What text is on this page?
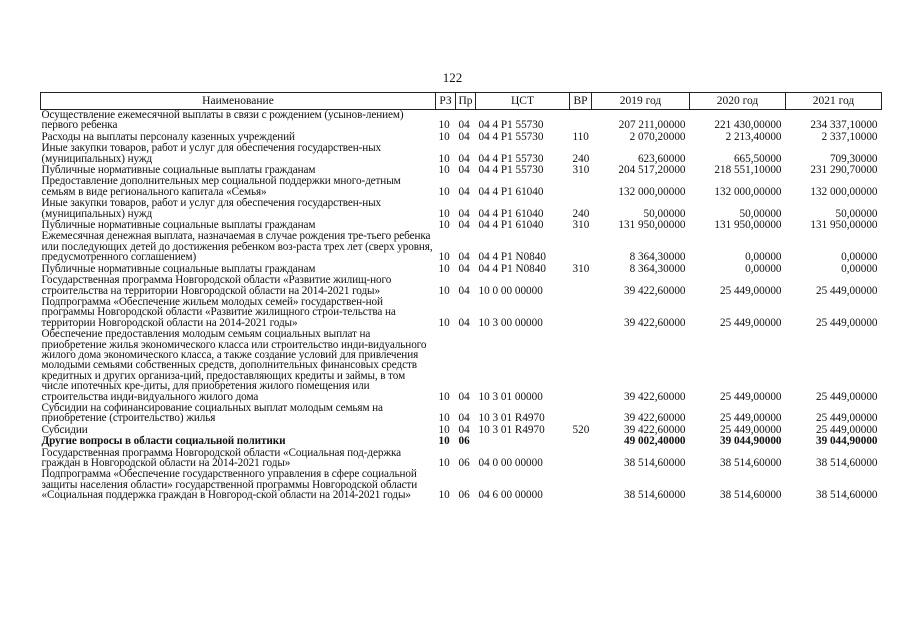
122
Наименование	РЗ	Пр	ЦСТ	ВР	2019 год	2020 год	2021 год
Осуществление ежемесячной выплаты в связи с рождением (усынов-лением) первого ребенка	10	04	04 4 P1 55730		207 211,00000	221 430,00000	234 337,10000
Расходы на выплаты персоналу казенных учреждений	10	04	04 4 P1 55730	110	2 070,20000	2 213,40000	2 337,10000
Иные закупки товаров, работ и услуг для обеспечения государствен-ных (муниципальных) нужд	10	04	04 4 P1 55730	240	623,60000	665,50000	709,30000
Публичные нормативные социальные выплаты гражданам	10	04	04 4 P1 55730	310	204 517,20000	218 551,10000	231 290,70000
Предоставление дополнительных мер социальной поддержки много-детным семьям в виде регионального капитала «Семья»	10	04	04 4 P1 61040		132 000,00000	132 000,00000	132 000,00000
Иные закупки товаров, работ и услуг для обеспечения государствен-ных (муниципальных) нужд	10	04	04 4 P1 61040	240	50,00000	50,00000	50,00000
Публичные нормативные социальные выплаты гражданам	10	04	04 4 P1 61040	310	131 950,00000	131 950,00000	131 950,00000
Ежемесячная денежная выплата, назначаемая в случае рождения тре-тьего ребенка или последующих детей до достижения ребенком воз-раста трех лет (сверх уровня, предусмотренного соглашением)	10	04	04 4 P1 N0840		8 364,30000	0,00000	0,00000
Публичные нормативные социальные выплаты гражданам	10	04	04 4 P1 N0840	310	8 364,30000	0,00000	0,00000
Государственная программа Новгородской области «Развитие жилищ-ного строительства на территории Новгородской области на 2014-2021 годы»	10	04	10 0 00 00000		39 422,60000	25 449,00000	25 449,00000
Подпрограмма «Обеспечение жильем молодых семей» государствен-ной программы Новгородской области «Развитие жилищного строи-тельства на территории Новгородской области на 2014-2021 годы»	10	04	10 3 00 00000		39 422,60000	25 449,00000	25 449,00000
Обеспечение предоставления молодым семьям социальных выплат на приобретение жилья экономического класса или строительство инди-видуального жилого дома экономического класса, а также создание условий для привлечения молодыми семьями собственных средств, дополнительных финансовых средств кредитных и других организа-ций, предоставляющих кредиты и займы, в том числе ипотечных кре-диты, для приобретения жилого помещения или строительства инди-видуального жилого дома	10	04	10 3 01 00000		39 422,60000	25 449,00000	25 449,00000
Субсидии на софинансирование социальных выплат молодым семьям на приобретение (строительство) жилья	10	04	10 3 01 R4970		39 422,60000	25 449,00000	25 449,00000
Субсидии	10	04	10 3 01 R4970	520	39 422,60000	25 449,00000	25 449,00000
Другие вопросы в области социальной политики	10	06			49 002,40000	39 044,90000	39 044,90000
Государственная программа Новгородской области «Социальная под-держка граждан в Новгородской области на 2014-2021 годы»	10	06	04 0 00 00000		38 514,60000	38 514,60000	38 514,60000
Подпрограмма «Обеспечение государственного управления в сфере социальной защиты населения области» государственной программы Новгородской области «Социальная поддержка граждан в Новгород-ской области на 2014-2021 годы»	10	06	04 6 00 00000		38 514,60000	38 514,60000	38 514,60000
